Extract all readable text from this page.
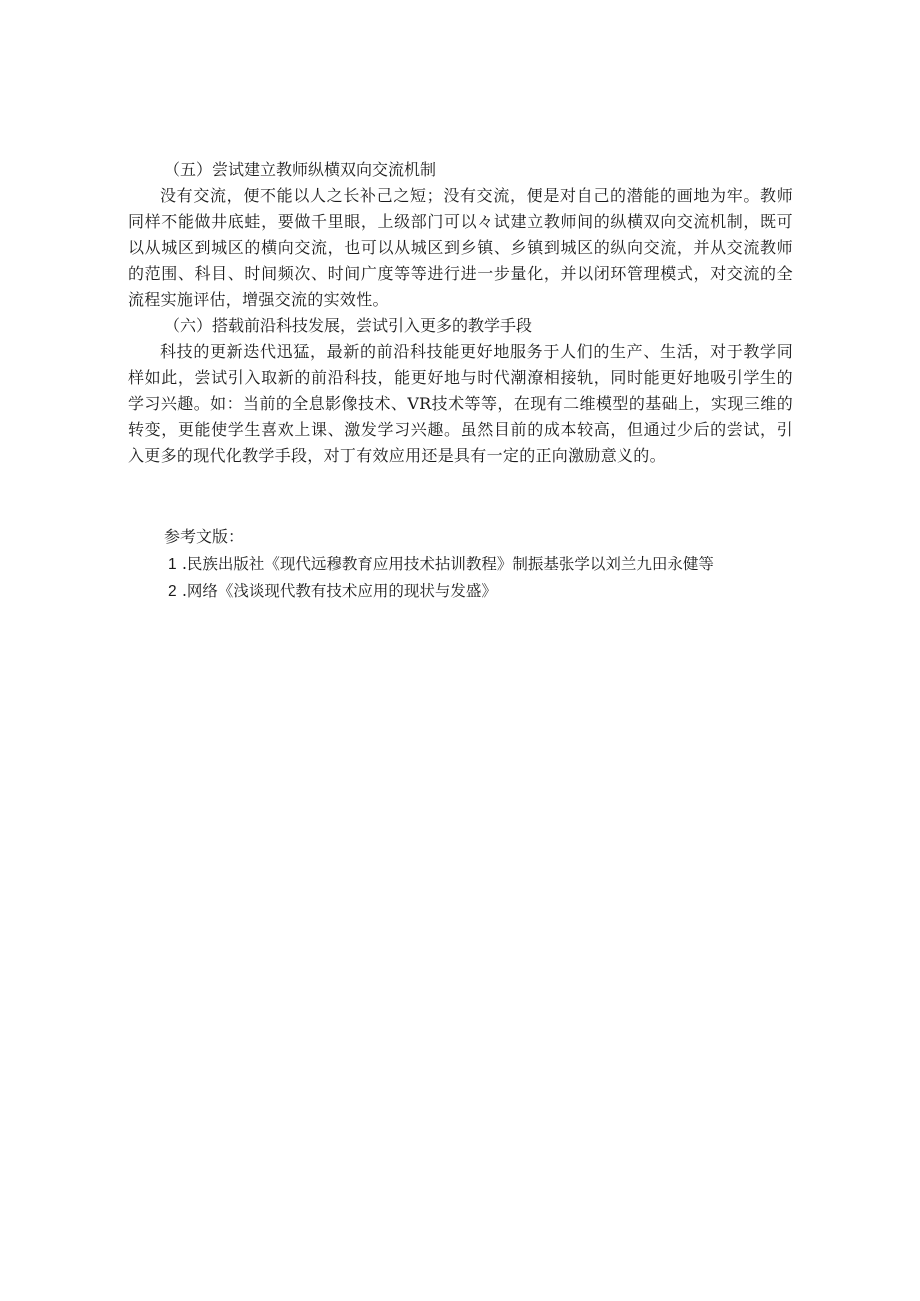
（五）尝试建立教师纵横双向交流机制

没有交流，便不能以人之长补己之短；没有交流，便是对自己的潜能的画地为牢。教师同样不能做井底蛙，要做千里眼，上级部门可以々试建立教师间的纵横双向交流机制，既可以从城区到城区的横向交流，也可以从城区到乡镇、乡镇到城区的纵向交流，并从交流教师的范围、科目、时间频次、时间广度等等进行进一步量化，并以闭环管理模式，对交流的全流程实施评估，增强交流的实效性。

（六）搭载前沿科技发展，尝试引入更多的教学手段

科技的更新迭代迅猛，最新的前沿科技能更好地服务于人们的生产、生活，对于教学同样如此，尝试引入取新的前沿科技，能更好地与时代潮潦相接轨，同时能更好地吸引学生的学习兴趣。如：当前的全息影像技术、VR技术等等，在现有二维模型的基础上，实现三维的转变，更能使学生喜欢上课、激发学习兴趣。虽然目前的成本较高，但通过少后的尝试，引入更多的现代化教学手段，对丁有效应用还是具有一定的正向激励意义的。

参考文版：

1 .民族出版社《现代远穆教育应用技术拈训教程》制振基张学以刘兰九田永健等

2 .网络《浅谈现代教有技术应用的现状与发盛》
